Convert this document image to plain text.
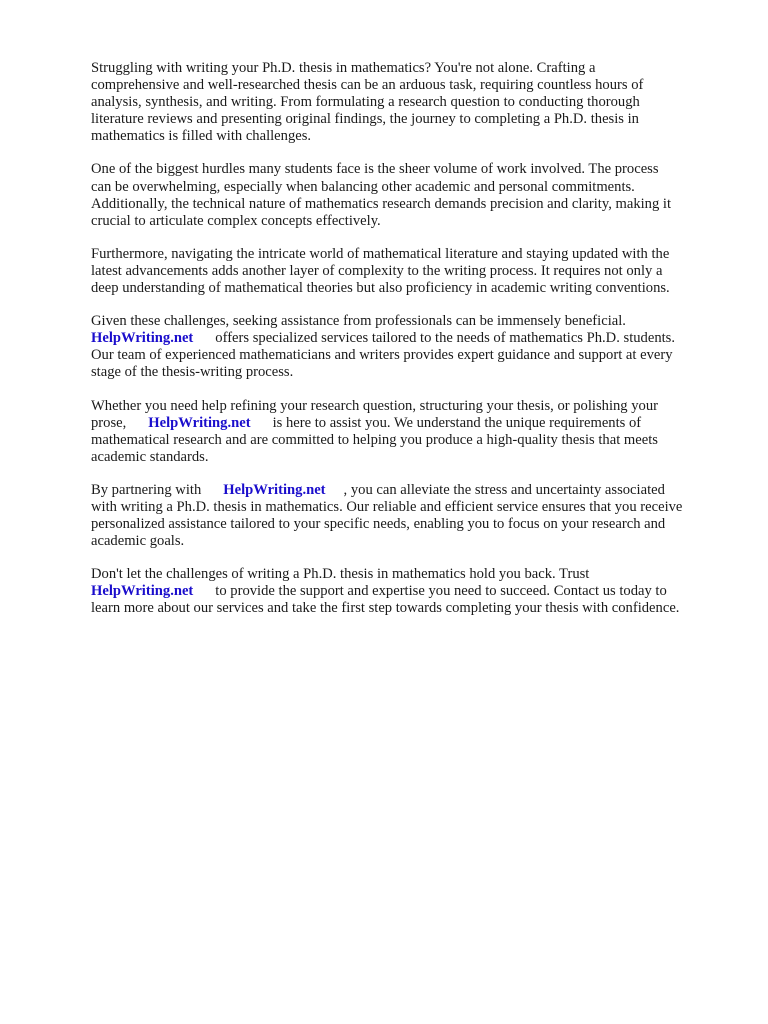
Struggling with writing your Ph.D. thesis in mathematics? You're not alone. Crafting a
comprehensive and well-researched thesis can be an arduous task, requiring countless hours of
analysis, synthesis, and writing. From formulating a research question to conducting thorough
literature reviews and presenting original findings, the journey to completing a Ph.D. thesis in
mathematics is filled with challenges.

One of the biggest hurdles many students face is the sheer volume of work involved. The process
can be overwhelming, especially when balancing other academic and personal commitments.
Additionally, the technical nature of mathematics research demands precision and clarity, making it
crucial to articulate complex concepts effectively.

Furthermore, navigating the intricate world of mathematical literature and staying updated with the
latest advancements adds another layer of complexity to the writing process. It requires not only a
deep understanding of mathematical theories but also proficiency in academic writing conventions.

Given these challenges, seeking assistance from professionals can be immensely beneficial.
HelpWriting.net offers specialized services tailored to the needs of mathematics Ph.D. students.
Our team of experienced mathematicians and writers provides expert guidance and support at every
stage of the thesis-writing process.

Whether you need help refining your research question, structuring your thesis, or polishing your
prose, HelpWriting.net is here to assist you. We understand the unique requirements of
mathematical research and are committed to helping you produce a high-quality thesis that meets
academic standards.

By partnering with HelpWriting.net , you can alleviate the stress and uncertainty associated
with writing a Ph.D. thesis in mathematics. Our reliable and efficient service ensures that you receive
personalized assistance tailored to your specific needs, enabling you to focus on your research and
academic goals.

Don't let the challenges of writing a Ph.D. thesis in mathematics hold you back. Trust
HelpWriting.net to provide the support and expertise you need to succeed. Contact us today to
learn more about our services and take the first step towards completing your thesis with confidence.
